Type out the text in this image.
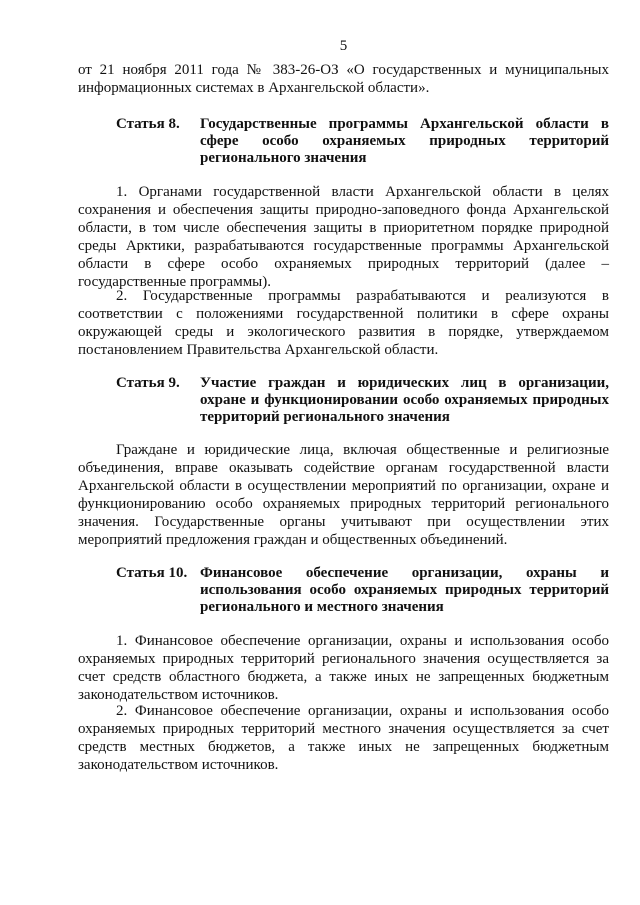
5
от 21 ноября 2011 года № 383-26-ОЗ «О государственных и муниципальных информационных системах в Архангельской области».
Статья 8. Государственные программы Архангельской области в сфере особо охраняемых природных территорий регионального значения
1. Органами государственной власти Архангельской области в целях сохранения и обеспечения защиты природно-заповедного фонда Архангельской области, в том числе обеспечения защиты в приоритетном порядке природной среды Арктики, разрабатываются государственные программы Архангельской области в сфере особо охраняемых природных территорий (далее – государственные программы).
2. Государственные программы разрабатываются и реализуются в соответствии с положениями государственной политики в сфере охраны окружающей среды и экологического развития в порядке, утверждаемом постановлением Правительства Архангельской области.
Статья 9. Участие граждан и юридических лиц в организации, охране и функционировании особо охраняемых природных территорий регионального значения
Граждане и юридические лица, включая общественные и религиозные объединения, вправе оказывать содействие органам государственной власти Архангельской области в осуществлении мероприятий по организации, охране и функционированию особо охраняемых природных территорий регионального значения. Государственные органы учитывают при осуществлении этих мероприятий предложения граждан и общественных объединений.
Статья 10. Финансовое обеспечение организации, охраны и использования особо охраняемых природных территорий регионального и местного значения
1. Финансовое обеспечение организации, охраны и использования особо охраняемых природных территорий регионального значения осуществляется за счет средств областного бюджета, а также иных не запрещенных бюджетным законодательством источников.
2. Финансовое обеспечение организации, охраны и использования особо охраняемых природных территорий местного значения осуществляется за счет средств местных бюджетов, а также иных не запрещенных бюджетным законодательством источников.
